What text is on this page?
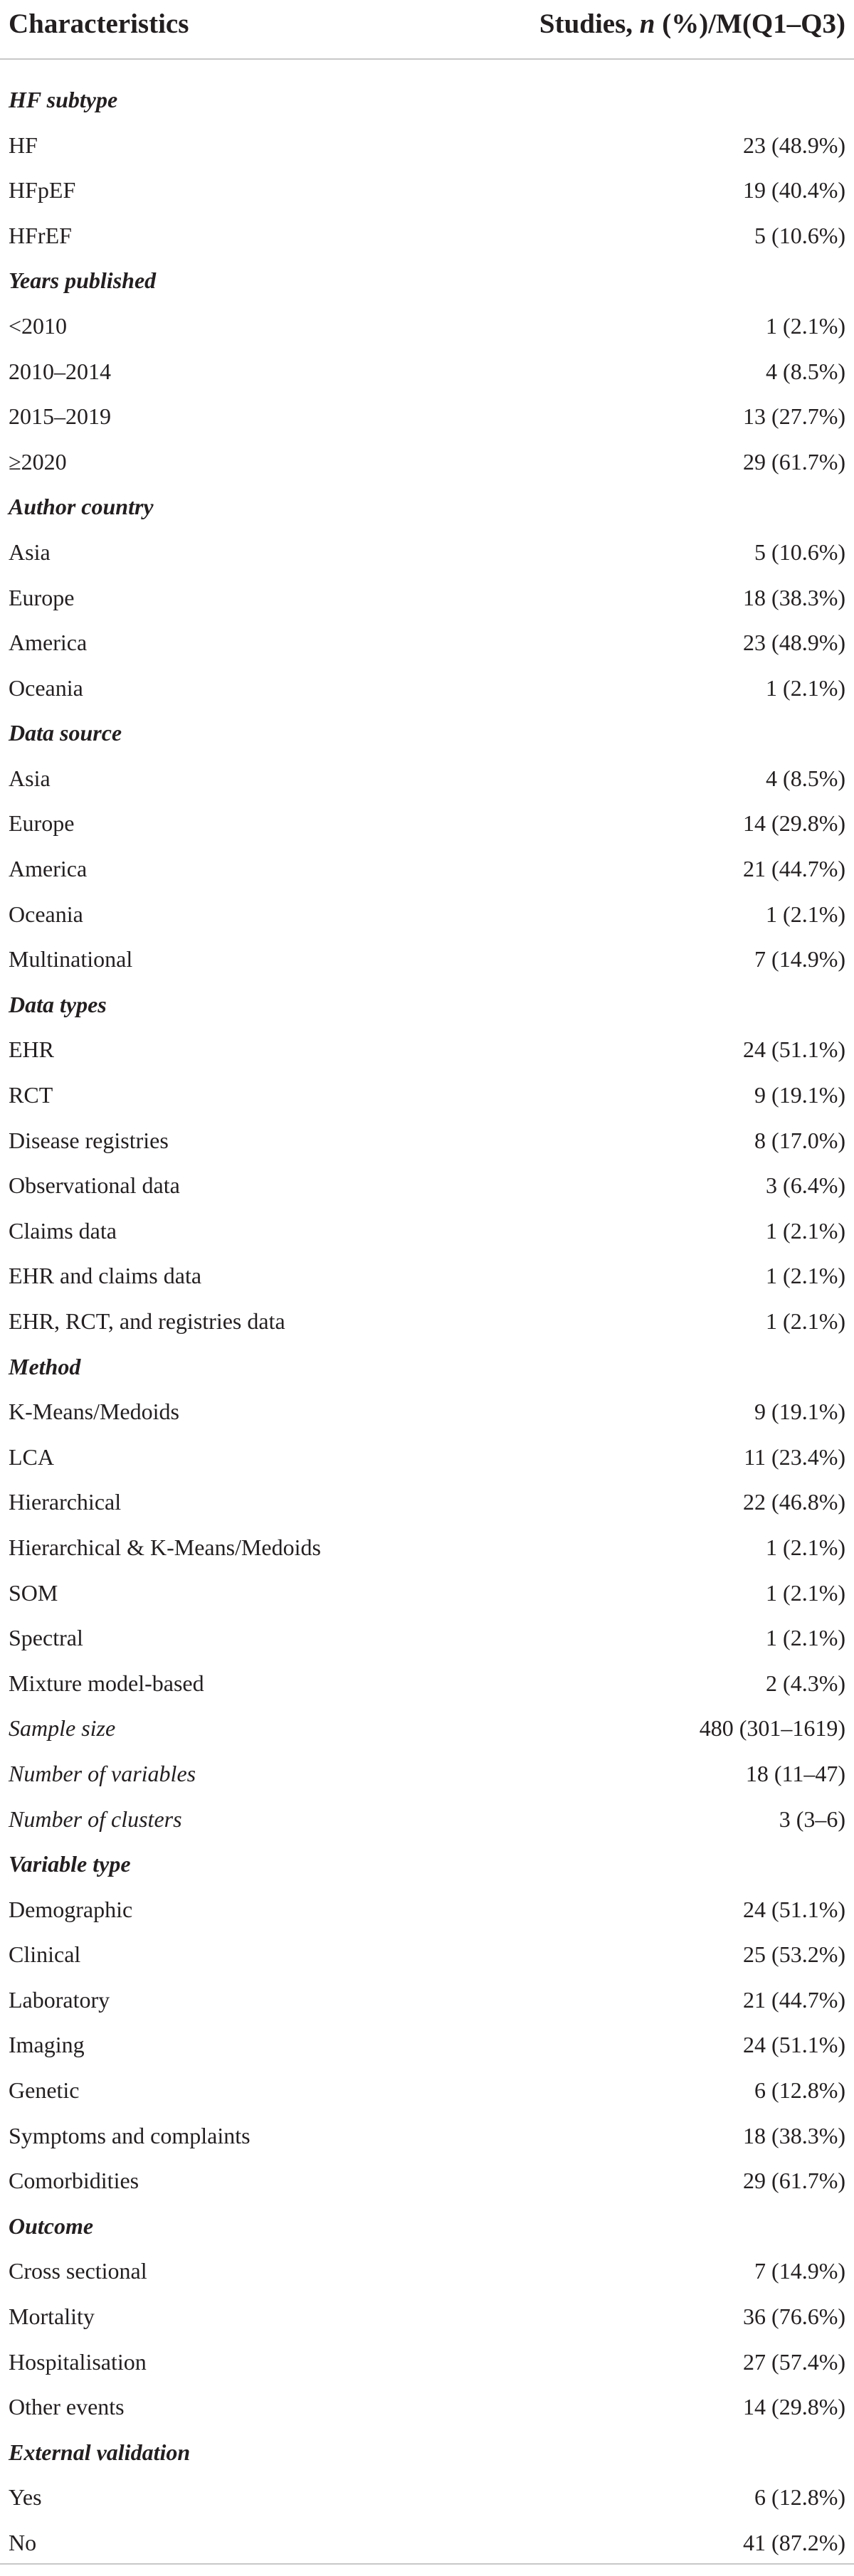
Characteristics	Studies, n (%)/M(Q1–Q3)
HF subtype
HF	23 (48.9%)
HFpEF	19 (40.4%)
HFrEF	5 (10.6%)
Years published
<2010	1 (2.1%)
2010–2014	4 (8.5%)
2015–2019	13 (27.7%)
≥2020	29 (61.7%)
Author country
Asia	5 (10.6%)
Europe	18 (38.3%)
America	23 (48.9%)
Oceania	1 (2.1%)
Data source
Asia	4 (8.5%)
Europe	14 (29.8%)
America	21 (44.7%)
Oceania	1 (2.1%)
Multinational	7 (14.9%)
Data types
EHR	24 (51.1%)
RCT	9 (19.1%)
Disease registries	8 (17.0%)
Observational data	3 (6.4%)
Claims data	1 (2.1%)
EHR and claims data	1 (2.1%)
EHR, RCT, and registries data	1 (2.1%)
Method
K-Means/Medoids	9 (19.1%)
LCA	11 (23.4%)
Hierarchical	22 (46.8%)
Hierarchical & K-Means/Medoids	1 (2.1%)
SOM	1 (2.1%)
Spectral	1 (2.1%)
Mixture model-based	2 (4.3%)
Sample size	480 (301–1619)
Number of variables	18 (11–47)
Number of clusters	3 (3–6)
Variable type
Demographic	24 (51.1%)
Clinical	25 (53.2%)
Laboratory	21 (44.7%)
Imaging	24 (51.1%)
Genetic	6 (12.8%)
Symptoms and complaints	18 (38.3%)
Comorbidities	29 (61.7%)
Outcome
Cross sectional	7 (14.9%)
Mortality	36 (76.6%)
Hospitalisation	27 (57.4%)
Other events	14 (29.8%)
External validation
Yes	6 (12.8%)
No	41 (87.2%)
